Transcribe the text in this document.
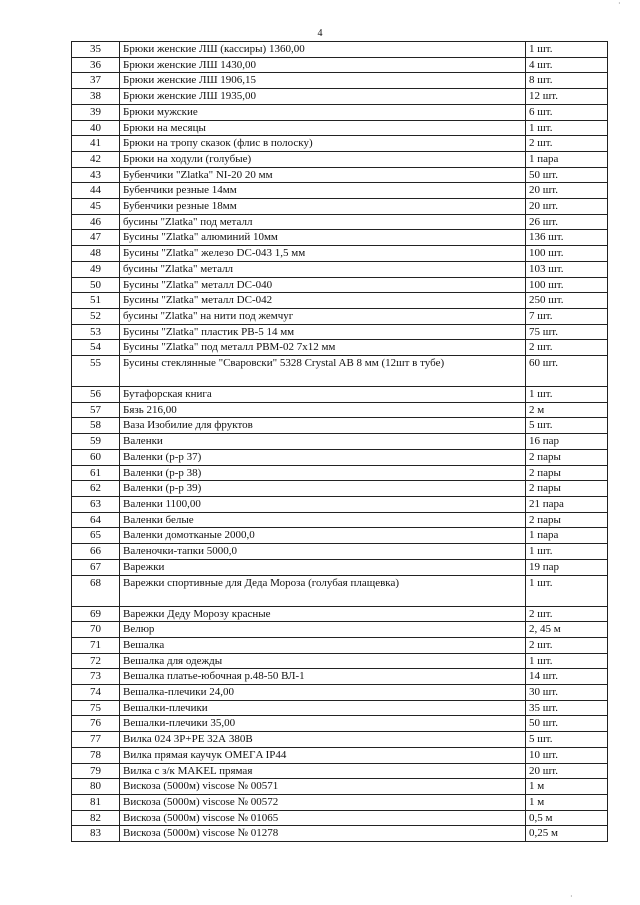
4
·
·
35	Брюки женские ЛШ (кассиры) 1360,00	1 шт.
36	Брюки женские ЛШ 1430,00	4 шт.
37	Брюки женские ЛШ 1906,15	8 шт.
38	Брюки женские ЛШ 1935,00	12 шт.
39	Брюки мужские	6 шт.
40	Брюки на месяцы	1 шт.
41	Брюки на тропу сказок (флис в полоску)	2 шт.
42	Брюки на ходули (голубые)	1 пара
43	Бубенчики "Zlatka" NI-20 20 мм	50 шт.
44	Бубенчики резные 14мм	20 шт.
45	Бубенчики резные 18мм	20 шт.
46	бусины "Zlatka" под металл	26 шт.
47	Бусины "Zlatka" алюминий 10мм	136 шт.
48	Бусины "Zlatka" железо DC-043 1,5 мм	100 шт.
49	бусины "Zlatka" металл	103 шт.
50	Бусины "Zlatka" металл DC-040	100 шт.
51	Бусины "Zlatka" металл DC-042	250 шт.
52	бусины "Zlatka" на нити под жемчуг	7 шт.
53	Бусины "Zlatka" пластик PB-5 14 мм	75 шт.
54	Бусины "Zlatka" под металл PBM-02 7x12 мм	2 шт.
55	Бусины стеклянные "Сваровски" 5328 Crystal AB 8 мм (12шт в тубе)	60 шт.
56	Бутафорская книга	1 шт.
57	Бязь 216,00	2 м
58	Ваза Изобилие для фруктов	5 шт.
59	Валенки	16 пар
60	Валенки (р-р 37)	2 пары
61	Валенки (р-р 38)	2 пары
62	Валенки (р-р 39)	2 пары
63	Валенки 1100,00	21 пара
64	Валенки белые	2 пары
65	Валенки домотканые 2000,0	1 пара
66	Валеночки-тапки 5000,0	1 шт.
67	Варежки	19 пар
68	Варежки спортивные для Деда Мороза (голубая плащевка)	1 шт.
69	Варежки Деду Морозу красные	2 шт.
70	Велюр	2, 45 м
71	Вешалка	2 шт.
72	Вешалка для одежды	1 шт.
73	Вешалка платье-юбочная р.48-50 ВЛ-1	14 шт.
74	Вешалка-плечики 24,00	30 шт.
75	Вешалки-плечики	35 шт.
76	Вешалки-плечики 35,00	50 шт.
77	Вилка 024 3Р+РЕ 32А 380В	5 шт.
78	Вилка прямая каучук OMEГA IP44	10 шт.
79	Вилка с з/к MAKEL прямая	20 шт.
80	Вискоза (5000м) viscose № 00571	1 м
81	Вискоза (5000м) viscose № 00572	1 м
82	Вискоза (5000м) viscose № 01065	0,5 м
83	Вискоза (5000м) viscose № 01278	0,25 м
